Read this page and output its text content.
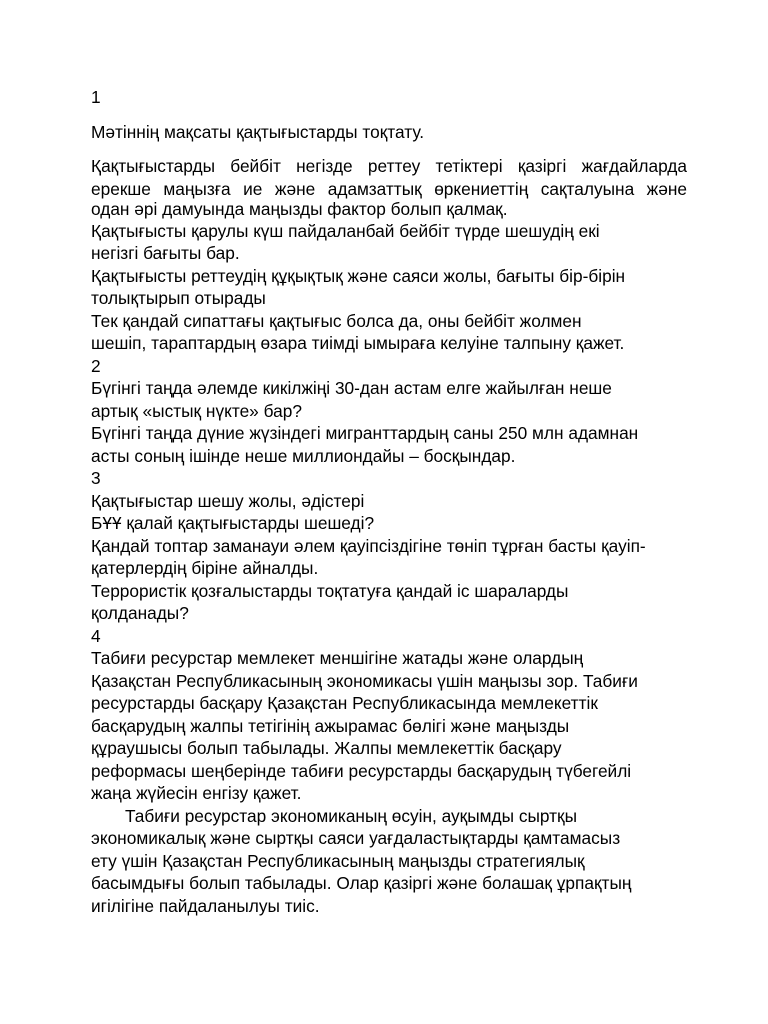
1

Мәтіннің мақсаты қақтығыстарды тоқтату.

Қақтығыстарды бейбіт негізде реттеу тетіктері қазіргі жағдайларда

ерекше маңызға ие және адамзаттық өркениеттің сақталуына және

одан әрі дамуында маңызды фактор болып қалмақ.

Қақтығысты қарулы күш пайдаланбай бейбіт түрде шешудің екі

негізгі бағыты бар.

Қақтығысты реттеудің құқықтық және саяси жолы, бағыты бір-бірін

толықтырып отырады

Тек қандай сипаттағы қақтығыс болса да, оны бейбіт жолмен

шешіп, тараптардың өзара тиімді ымыраға келуіне талпыну қажет.

2

Бүгінгі таңда әлемде кикілжіңі 30-дан астам елге жайылған неше

артық «ыстық нүкте» бар?

Бүгінгі таңда дүние жүзіндегі мигранттардың саны 250 млн адамнан

асты соның ішінде неше миллиондайы – босқындар.

3

Қақтығыстар шешу жолы, әдістері

БҰҰ қалай қақтығыстарды шешеді?

Қандай топтар заманауи әлем қауіпсіздігіне төніп тұрған басты қауіп-

қатерлердің біріне айналды.

Террористік қозғалыстарды тоқтатуға қандай іс шараларды

қолданады?

4

Табиғи ресурстар мемлекет меншігіне жатады және олардың

Қазақстан Республикасының экономикасы үшін маңызы зор. Табиғи

ресурстарды басқару Қазақстан Республикасында мемлекеттік

басқарудың жалпы тетігінің ажырамас бөлігі және маңызды

құраушысы болып табылады. Жалпы мемлекеттік басқару

реформасы шеңберінде табиғи ресурстарды басқарудың түбегейлі

жаңа жүйесін енгізу қажет.

Табиғи ресурстар экономиканың өсуін, ауқымды сыртқы

экономикалық және сыртқы саяси уағдаластықтарды қамтамасыз

ету үшін Қазақстан Республикасының маңызды стратегиялық

басымдығы болып табылады. Олар қазіргі және болашақ ұрпақтың

игілігіне пайдаланылуы тиіс.
